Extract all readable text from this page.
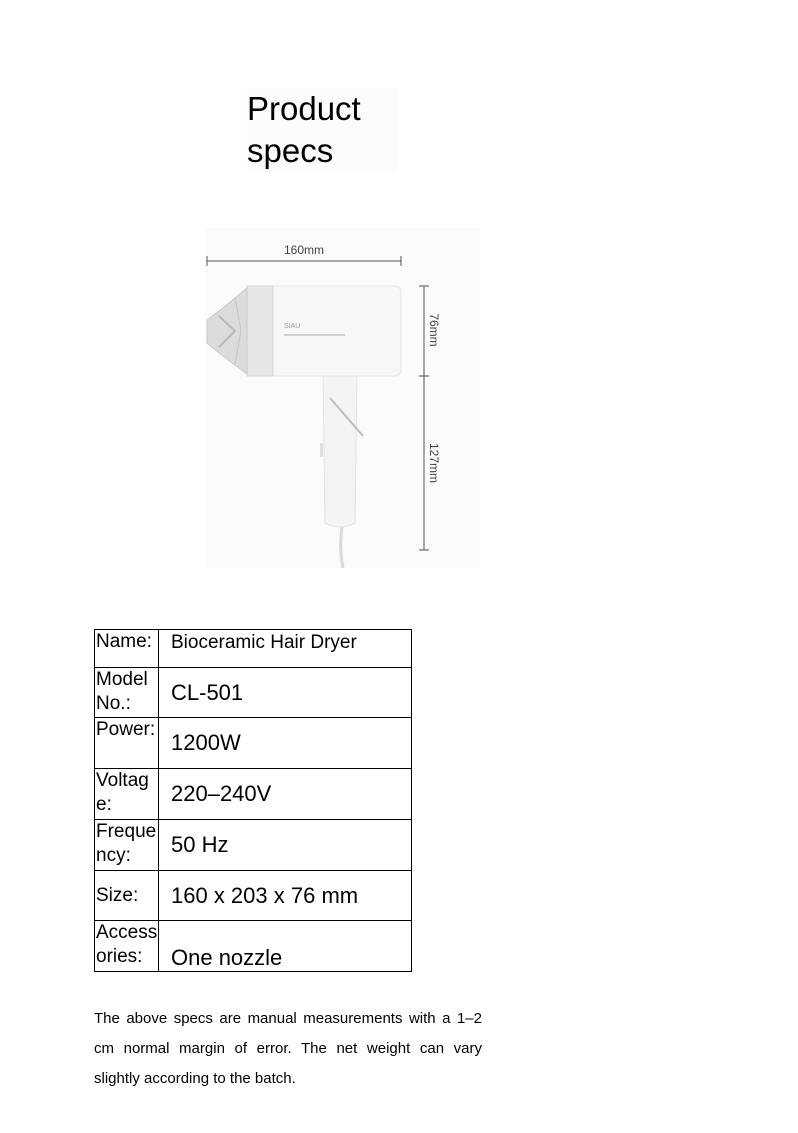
Product specs
160mm
76mm
127mm
SIAU
Name:	Bioceramic Hair Dryer
Model No.:	CL-501
Power:	1200W
Voltage:	220–240V
Frequency:	50 Hz
Size:	160 x 203 x 76 mm
Accessories:	One nozzle
The above specs are manual measurements with a 1–2 cm normal margin of error. The net weight can vary slightly according to the batch.
